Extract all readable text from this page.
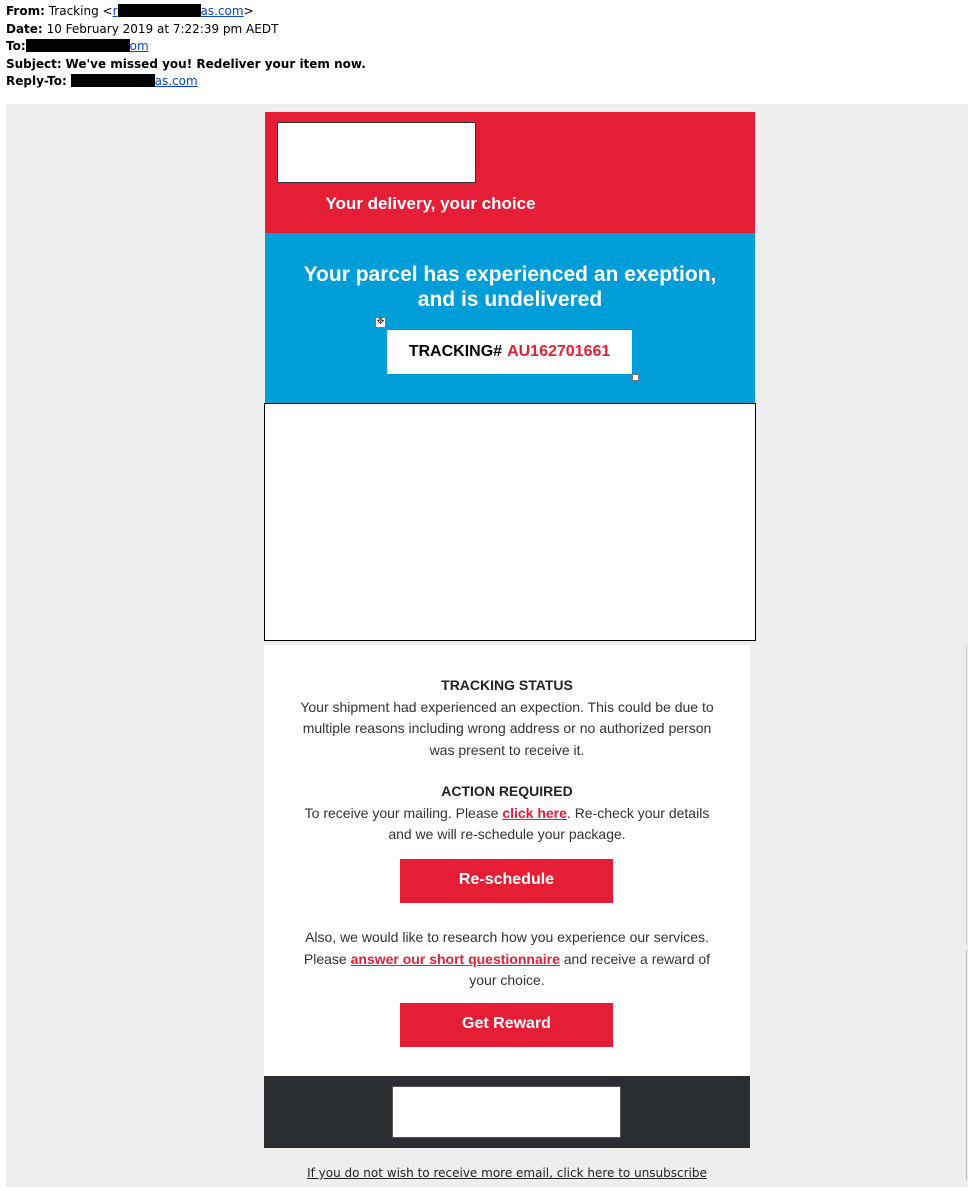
From: Tracking <r	as.com>
Date: 10 February 2019 at 7:22:39 pm AEDT
To:	om
Subject: We've missed you! Redeliver your item now.
Reply-To:	as.com
Your delivery, your choice
Your parcel has experienced an exeption,
and is undelivered
✥
TRACKING# AU162701661
TRACKING STATUS
Your shipment had experienced an expection. This could be due to
multiple reasons including wrong address or no authorized person
was present to receive it.
ACTION REQUIRED
To receive your mailing. Please click here. Re-check your details
and we will re-schedule your package.
Re-schedule
Also, we would like to research how you experience our services.
Please answer our short questionnaire and receive a reward of
your choice.
Get Reward
If you do not wish to receive more email, click here to unsubscribe
